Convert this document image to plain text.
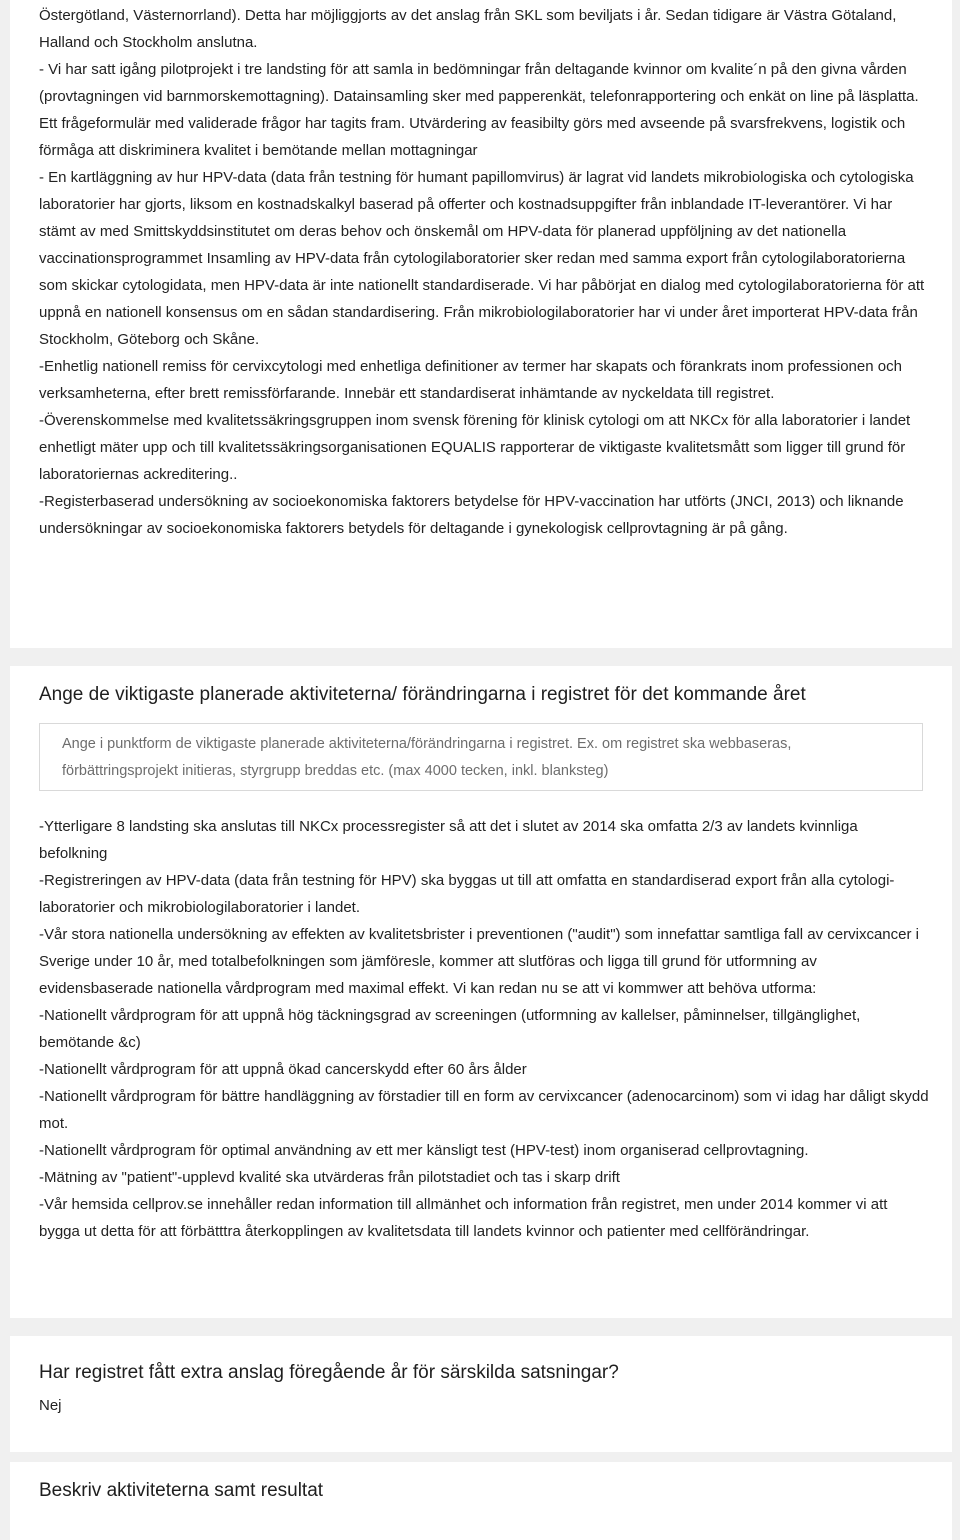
Östergötland, Västernorrland). Detta har möjliggjorts av det anslag från SKL som beviljats i år. Sedan tidigare är Västra Götaland, Halland och Stockholm anslutna.

- Vi har satt igång pilotprojekt i tre landsting för att samla in bedömningar från deltagande kvinnor om kvalite´n på den givna vården (provtagningen vid barnmorskemottagning). Datainsamling sker med papperenkät, telefonrapportering och enkät on line på läsplatta. Ett frågeformulär med validerade frågor har tagits fram. Utvärdering av feasibilty görs med avseende på svarsfrekvens, logistik och förmåga att diskriminera kvalitet i bemötande mellan mottagningar

- En kartläggning av hur HPV-data (data från testning för humant papillomvirus) är lagrat vid landets mikrobiologiska och cytologiska laboratorier har gjorts, liksom en kostnadskalkyl baserad på offerter och kostnadsuppgifter från inblandade IT-leverantörer. Vi har stämt av med Smittskyddsinstitutet om deras behov och önskemål om HPV-data för planerad uppföljning av det nationella vaccinationsprogrammet Insamling av HPV-data från cytologilaboratorier sker redan med samma export från cytologilaboratorierna som skickar cytologidata, men HPV-data är inte nationellt standardiserade. Vi har påbörjat en dialog med cytologilaboratorierna för att uppnå en nationell konsensus om en sådan standardisering. Från mikrobiologilaboratorier har vi under året importerat HPV-data från Stockholm, Göteborg och Skåne.

-Enhetlig nationell remiss för cervixcytologi med enhetliga definitioner av termer har skapats och förankrats inom professionen och verksamheterna, efter brett remissförfarande. Innebär ett standardiserat inhämtande av nyckeldata till registret.

-Överenskommelse med kvalitetssäkringsgruppen inom svensk förening för klinisk cytologi om att NKCx för alla laboratorier i landet enhetligt mäter upp och till kvalitetssäkringsorganisationen EQUALIS rapporterar de viktigaste kvalitetsmått som ligger till grund för laboratoriernas ackreditering..

-Registerbaserad undersökning av socioekonomiska faktorers betydelse för HPV-vaccination har utförts (JNCI, 2013) och liknande undersökningar av socioekonomiska faktorers betydels för deltagande i gynekologisk cellprovtagning är på gång.

Ange de viktigaste planerade aktiviteterna/ förändringarna i registret för det kommande året
Ange i punktform de viktigaste planerade aktiviteterna/förändringarna i registret. Ex. om registret ska webbaseras, förbättringsprojekt initieras, styrgrupp breddas etc. (max 4000 tecken, inkl. blanksteg)

-Ytterligare 8 landsting ska anslutas till NKCx processregister så att det i slutet av 2014 ska omfatta 2/3 av landets kvinnliga befolkning

-Registreringen av HPV-data (data från testning för HPV) ska byggas ut till att omfatta en standardiserad export från alla cytologi-laboratorier och mikrobiologilaboratorier i landet.

-Vår stora nationella undersökning av effekten av kvalitetsbrister i preventionen ("audit") som innefattar samtliga fall av cervixcancer i Sverige under 10 år, med totalbefolkningen som jämföresle, kommer att slutföras och ligga till grund för utformning av evidensbaserade nationella vårdprogram med maximal effekt. Vi kan redan nu se att vi kommwer att behöva utforma:

-Nationellt vårdprogram för att uppnå hög täckningsgrad av screeningen (utformning av kallelser, påminnelser, tillgänglighet, bemötande &c)

-Nationellt vårdprogram för att uppnå ökad cancerskydd efter 60 års ålder

-Nationellt vårdprogram för bättre handläggning av förstadier till en form av cervixcancer (adenocarcinom) som vi idag har dåligt skydd mot.

-Nationellt vårdprogram för optimal användning av ett mer känsligt test (HPV-test) inom organiserad cellprovtagning.

-Mätning av "patient"-upplevd kvalité ska utvärderas från pilotstadiet och tas i skarp drift

-Vår hemsida cellprov.se innehåller redan information till allmänhet och information från registret, men under 2014 kommer vi att bygga ut detta för att förbätttra återkopplingen av kvalitetsdata till landets kvinnor och patienter med cellförändringar.

Har registret fått extra anslag föregående år för särskilda satsningar?
Nej
Beskriv aktiviteterna samt resultat
